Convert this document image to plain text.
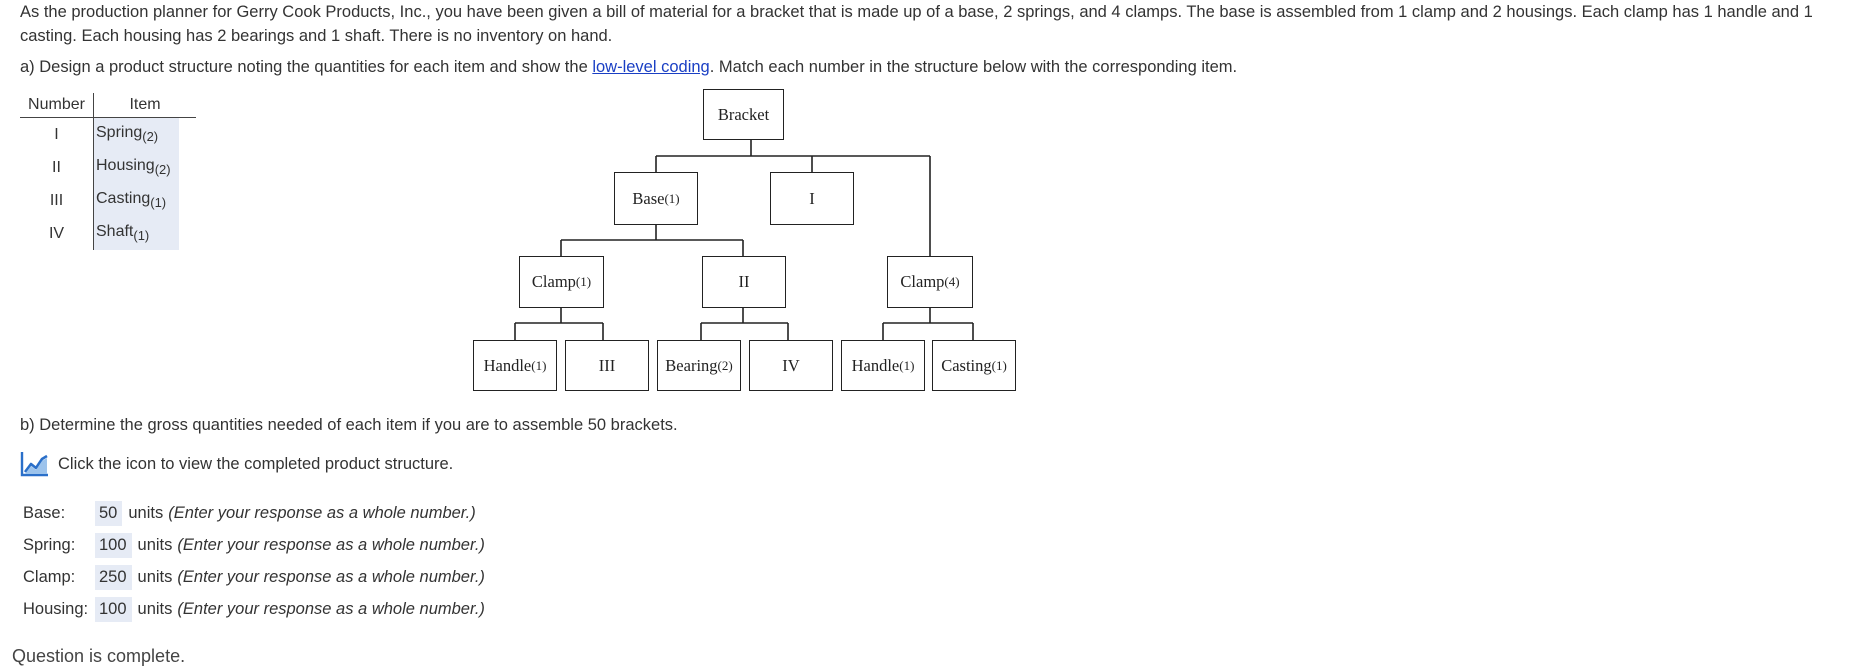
As the production planner for Gerry Cook Products, Inc., you have been given a bill of material for a bracket that is made up of a base, 2 springs, and 4 clamps. The base is assembled from 1 clamp and 2 housings. Each clamp has 1 handle and 1 casting. Each housing has 2 bearings and 1 shaft. There is no inventory on hand.

a) Design a product structure noting the quantities for each item and show the low-level coding. Match each number in the structure below with the corresponding item.

Number	Item
I	Spring$_{(2)}$

II	Housing$_{(2)}$

III	Casting$_{(1)}$

IV	Shaft$_{(1)}$
Bracket
Base (1)	I
Clamp (1)	II	Clamp (4)
Handle (1)	III	Bearing (2)	IV	Handle (1) Casting (1)

b) Determine the gross quantities needed of each item if you are to assemble 50 brackets.

Click the icon to view the completed product structure.
Base:	50 units (Enter your response as a whole number.)
Spring:	100 units (Enter your response as a whole number.)
Clamp:	250 units (Enter your response as a whole number.)
Housing: 100 units (Enter your response as a whole number.)
Question is complete.
